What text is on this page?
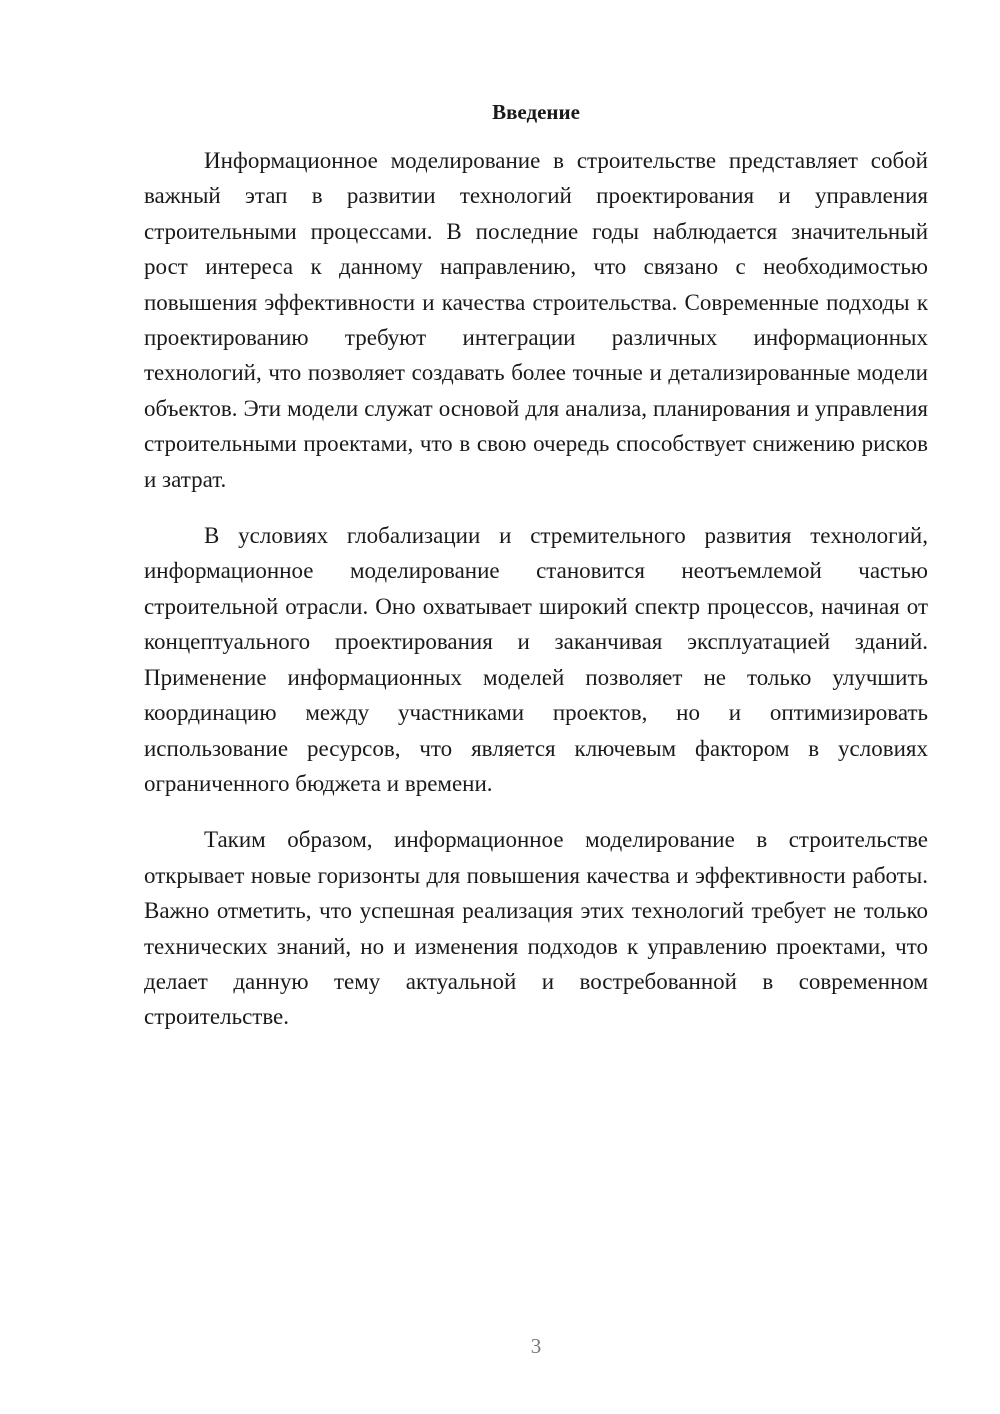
Введение

Информационное моделирование в строительстве представляет собой важный этап в развитии технологий проектирования и управления строительными процессами. В последние годы наблюдается значительный рост интереса к данному направлению, что связано с необходимостью повышения эффективности и качества строительства. Современные подходы к проектированию требуют интеграции различных информационных технологий, что позволяет создавать более точные и детализированные модели объектов. Эти модели служат основой для анализа, планирования и управления строительными проектами, что в свою очередь способствует снижению рисков и затрат.

В условиях глобализации и стремительного развития технологий, информационное моделирование становится неотъемлемой частью строительной отрасли. Оно охватывает широкий спектр процессов, начиная от концептуального проектирования и заканчивая эксплуатацией зданий. Применение информационных моделей позволяет не только улучшить координацию между участниками проектов, но и оптимизировать использование ресурсов, что является ключевым фактором в условиях ограниченного бюджета и времени.

Таким образом, информационное моделирование в строительстве открывает новые горизонты для повышения качества и эффективности работы. Важно отметить, что успешная реализация этих технологий требует не только технических знаний, но и изменения подходов к управлению проектами, что делает данную тему актуальной и востребованной в современном строительстве.

3
